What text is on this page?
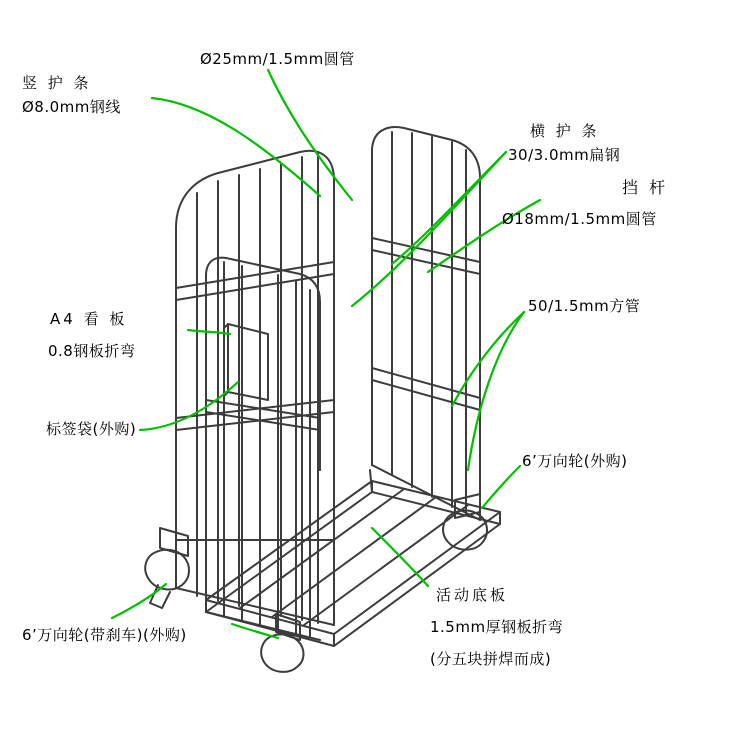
竖 护 条
Ø8.0mm钢线
Ø25mm/1.5mm圆管
横 护 条
30/3.0mm扁钢
挡 杆
Ø18mm/1.5mm圆管
50/1.5mm方管
A4 看 板
0.8钢板折弯
标签袋(外购)
6’万向轮(外购)
6’万向轮(带刹车)(外购)
活动底板
1.5mm厚钢板折弯
(分五块拼焊而成)
